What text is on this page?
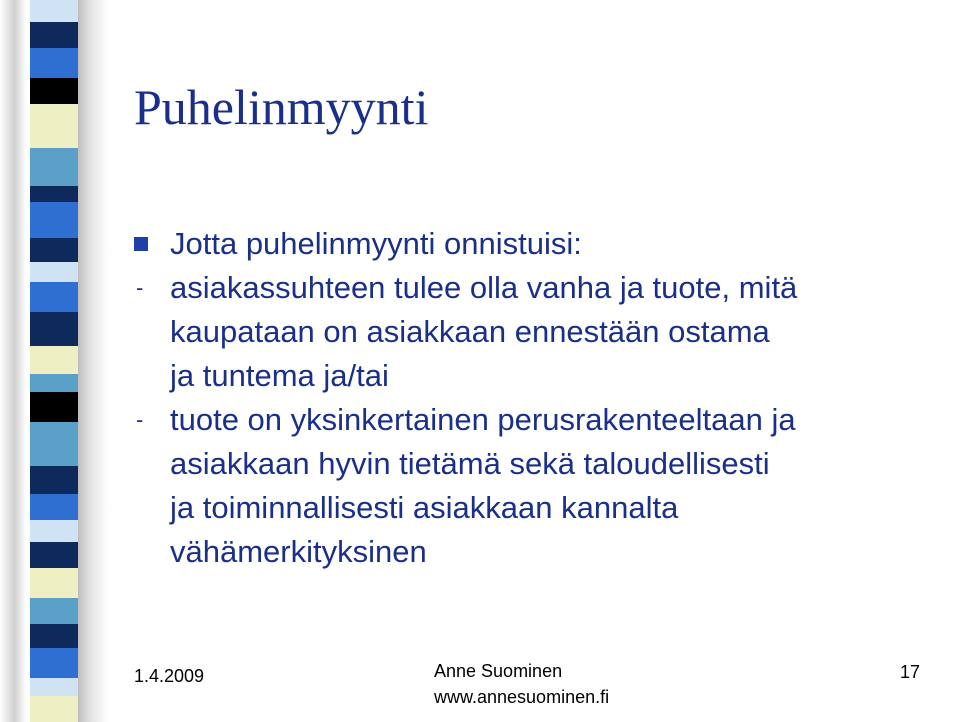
Puhelinmyynti
Jotta puhelinmyynti onnistuisi:
- asiakassuhteen tulee olla vanha ja tuote, mitä
kaupataan on asiakkaan ennestään ostama
ja tuntema ja/tai
- tuote on yksinkertainen perusrakenteeltaan ja
asiakkaan hyvin tietämä sekä taloudellisesti
ja toiminnallisesti asiakkaan kannalta
vähämerkityksinen
1.4.2009	Anne Suominen
www.annesuominen.fi
17
